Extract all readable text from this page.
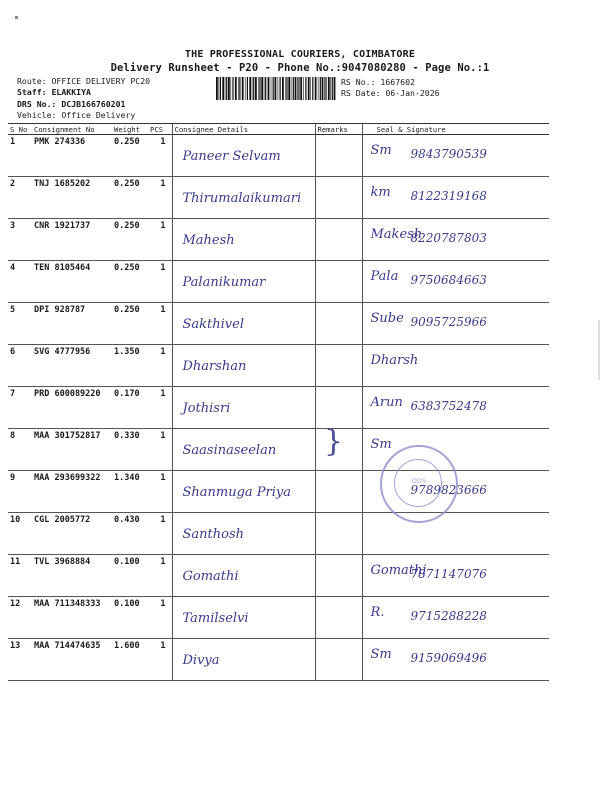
THE PROFESSIONAL COURIERS, COIMBATORE
Delivery Runsheet - P20 - Phone No.:9047080280 - Page No.:1
Route: OFFICE DELIVERY PC20
Staff: ELAKKIYA
DRS No.: DCJB166760201
Vehicle: Office Delivery
RS No.: 1667602
RS Date: 06-Jan-2026
S No	Consignment No	Weight	PCS	Consignee Details	Remarks	Seal & Signature
1	PMK 274336	0.250	1	Paneer Selvam		Sm 9843790539

2	TNJ 1685202	0.250	1	Thirumalaikumari		km 8122319168

3	CNR 1921737	0.250	1	Mahesh		Makesh
8220787803

4	TEN 8105464	0.250	1	Palanikumar		Pala 9750684663

5	DPI 928787	0.250	1	Sakthivel		Sube 9095725966

6	SVG 4777956	1.350	1	Dharshan		Dharsh

7	PRD 600089220	0.170	1	Jothisri		Arun 6383752478

8	MAA 301752817	0.330	1	Saasinaseelan		Sm

9	MAA 293699322	1.340	1	Shanmuga Priya		9789823666

10	CGL 2005772	0.430	1	Santhosh		

11	TVL 3968884	0.100	1	Gomathi		Gomathi
7871147076

12	MAA 711348333	0.100	1	Tamilselvi		R. 9715288228

13	MAA 714474635	1.600	1	Divya		Sm 9159069496
}
DDS
